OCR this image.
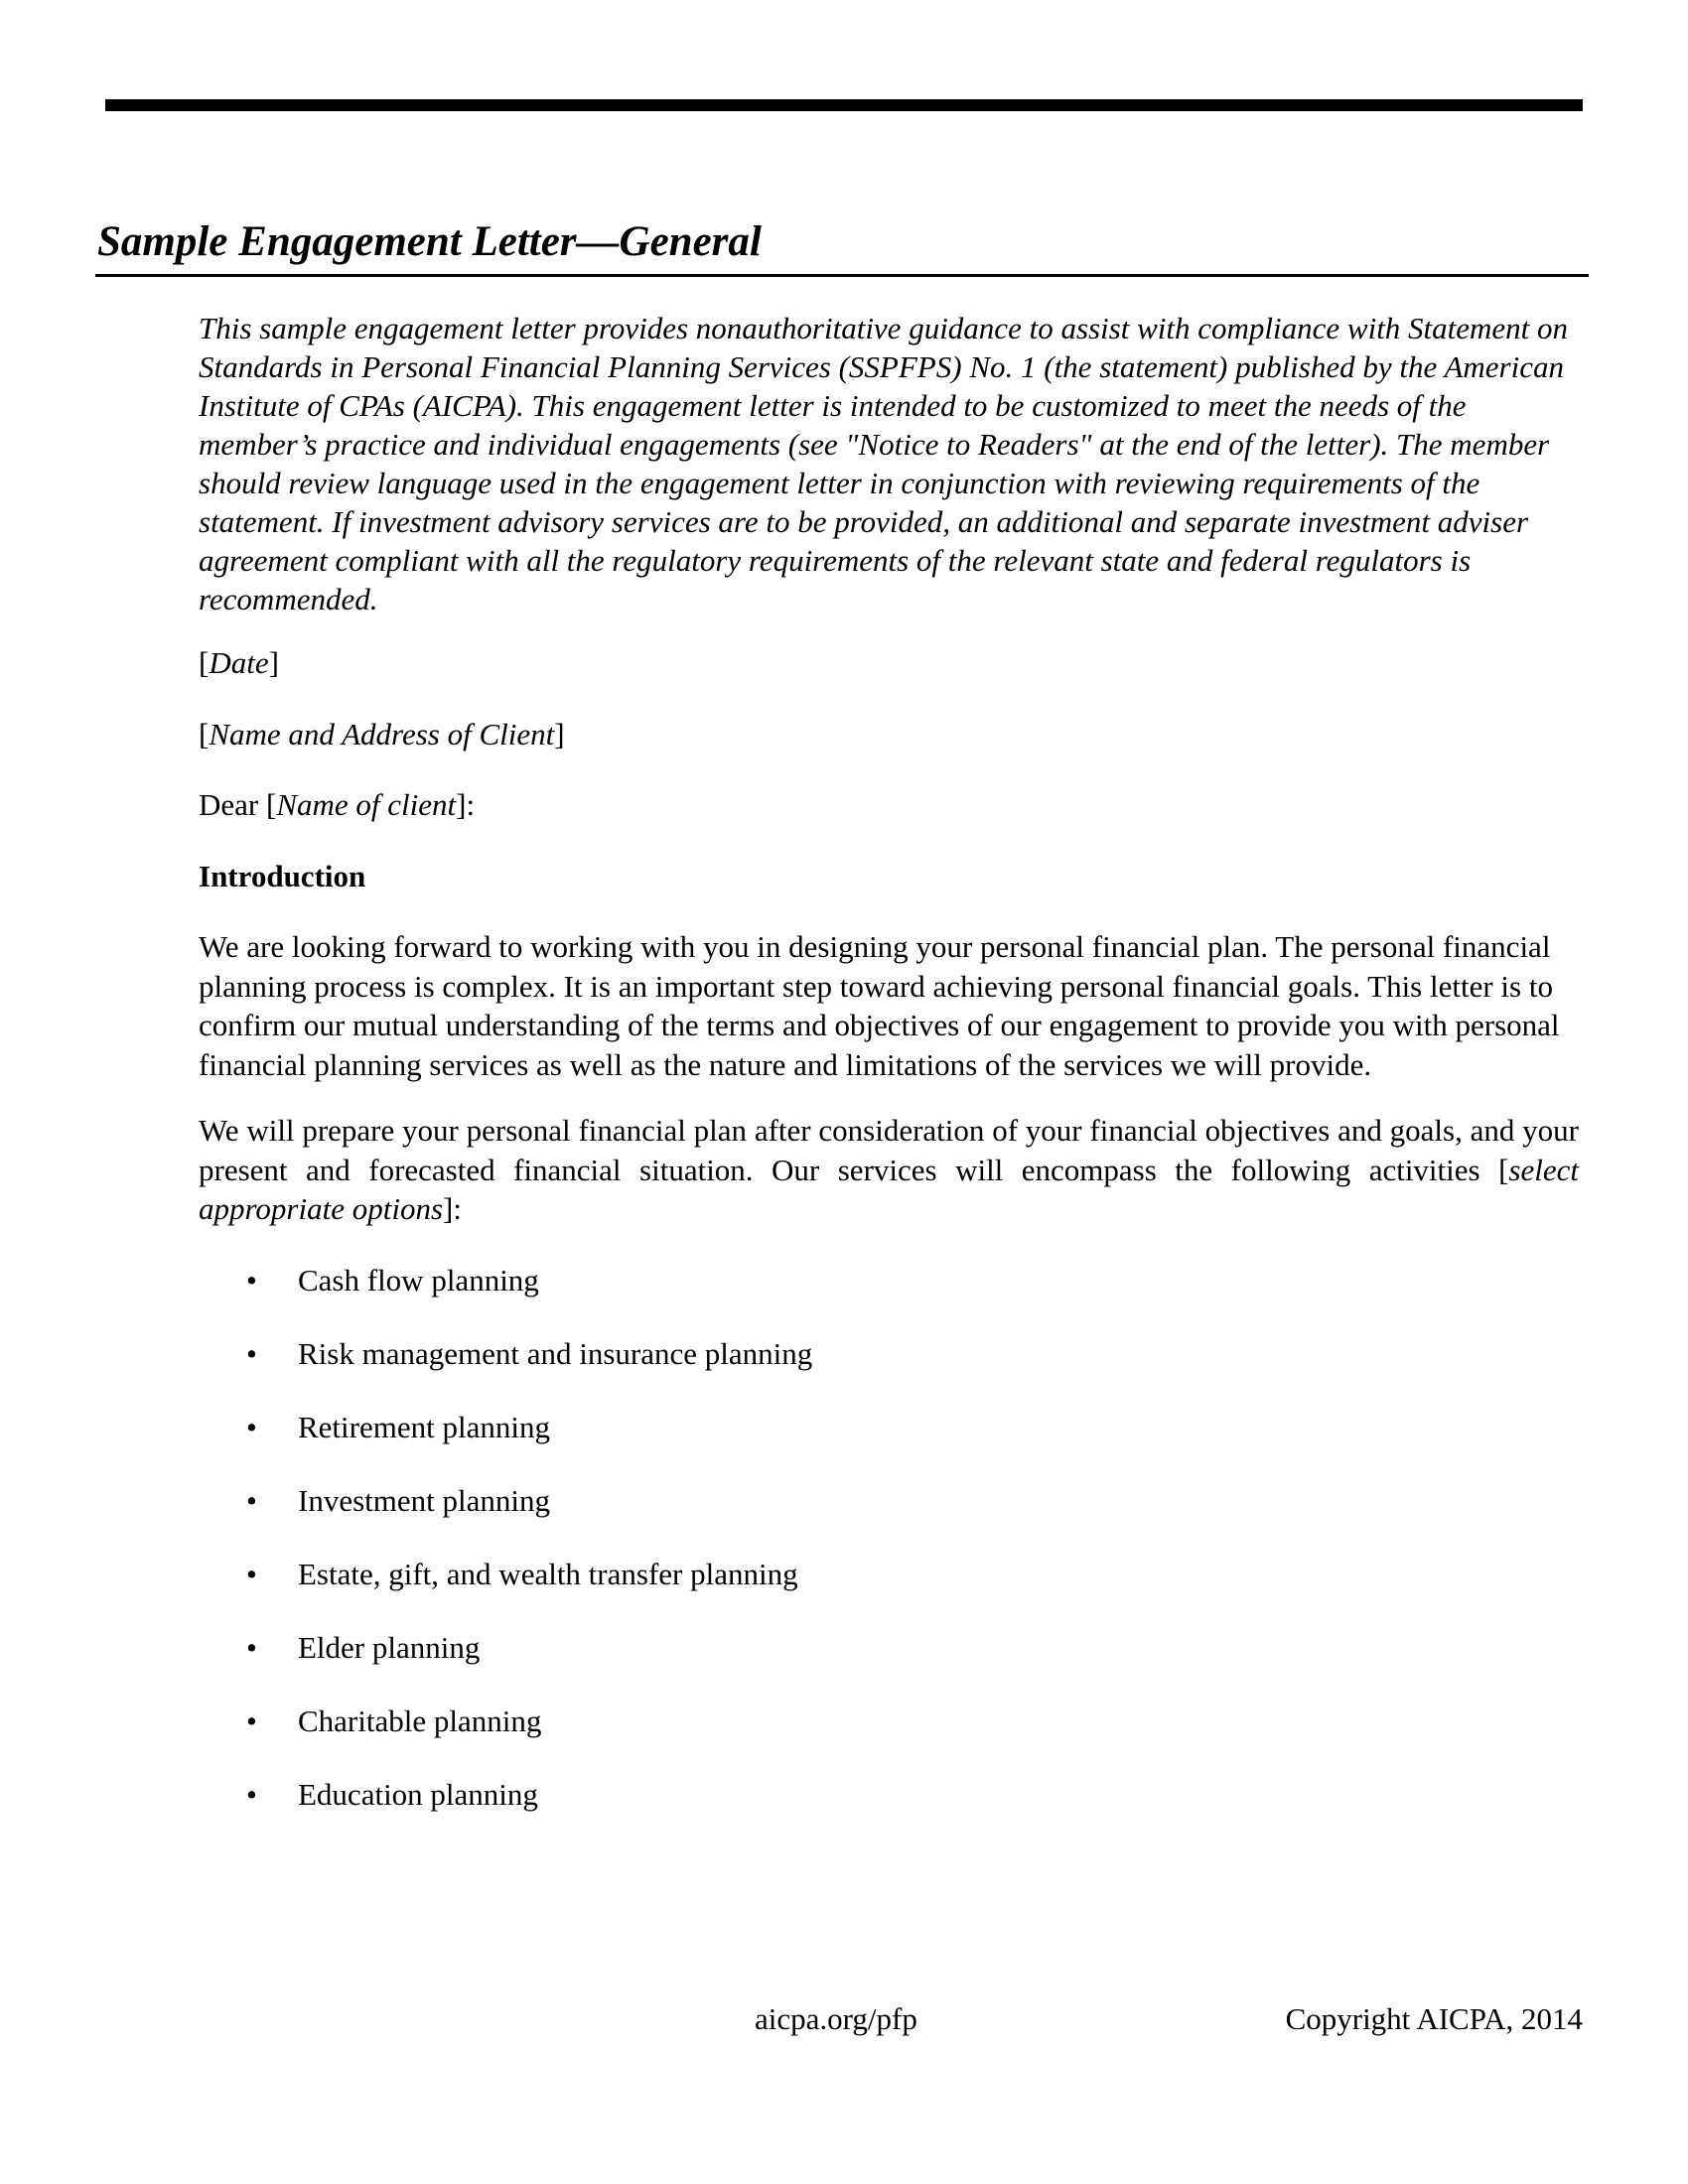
Sample Engagement Letter—General

This sample engagement letter provides nonauthoritative guidance to assist with compliance with Statement on Standards in Personal Financial Planning Services (SSPFPS) No. 1 (the statement) published by the American Institute of CPAs (AICPA). This engagement letter is intended to be customized to meet the needs of the member’s practice and individual engagements (see "Notice to Readers" at the end of the letter). The member should review language used in the engagement letter in conjunction with reviewing requirements of the statement. If investment advisory services are to be provided, an additional and separate investment adviser agreement compliant with all the regulatory requirements of the relevant state and federal regulators is recommended.

[Date]

[Name and Address of Client]

Dear [Name of client]:

Introduction

We are looking forward to working with you in designing your personal financial plan. The personal financial planning process is complex. It is an important step toward achieving personal financial goals. This letter is to confirm our mutual understanding of the terms and objectives of our engagement to provide you with personal financial planning services as well as the nature and limitations of the services we will provide.

We will prepare your personal financial plan after consideration of your financial objectives and goals, and your present and forecasted financial situation. Our services will encompass the following activities [select appropriate options]:

• Cash flow planning
• Risk management and insurance planning
• Retirement planning
• Investment planning
• Estate, gift, and wealth transfer planning
• Elder planning
• Charitable planning
• Education planning
aicpa.org/pfp	Copyright AICPA, 2014
